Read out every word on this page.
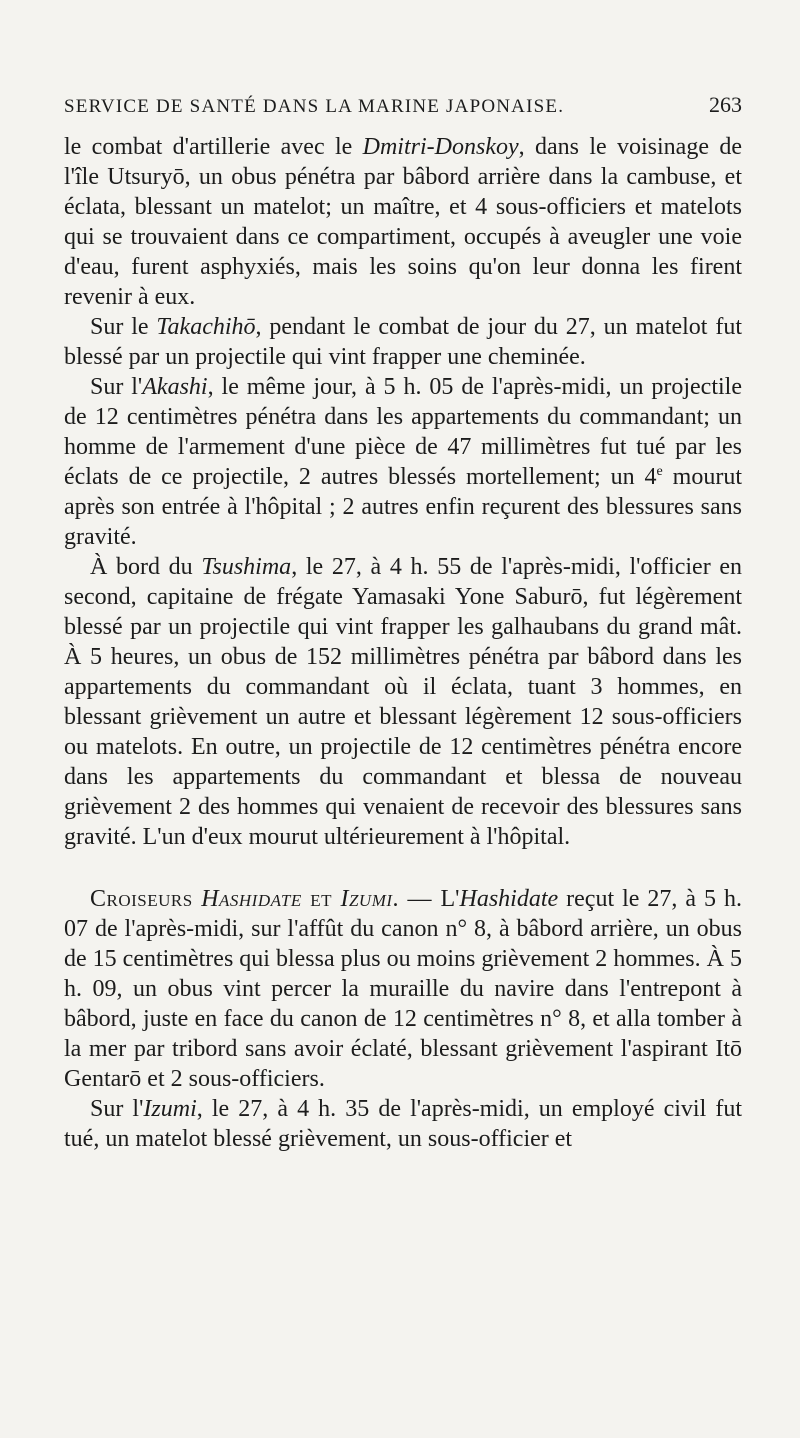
SERVICE DE SANTÉ DANS LA MARINE JAPONAISE.	263

le combat d'artillerie avec le Dmitri-Donskoy, dans le voisinage de l'île Utsuryō, un obus pénétra par bâbord arrière dans la cambuse, et éclata, blessant un matelot; un maître, et 4 sous-officiers et matelots qui se trouvaient dans ce compartiment, occupés à aveugler une voie d'eau, furent asphyxiés, mais les soins qu'on leur donna les firent revenir à eux.

Sur le Takachihō, pendant le combat de jour du 27, un matelot fut blessé par un projectile qui vint frapper une cheminée.

Sur l'Akashi, le même jour, à 5 h. 05 de l'après-midi, un projectile de 12 centimètres pénétra dans les appartements du commandant; un homme de l'armement d'une pièce de 47 millimètres fut tué par les éclats de ce projectile, 2 autres blessés mortellement; un 4e mourut après son entrée à l'hôpital ; 2 autres enfin reçurent des blessures sans gravité.

À bord du Tsushima, le 27, à 4 h. 55 de l'après-midi, l'officier en second, capitaine de frégate Yamasaki Yone Saburō, fut légèrement blessé par un projectile qui vint frapper les galhaubans du grand mât. À 5 heures, un obus de 152 millimètres pénétra par bâbord dans les appartements du commandant où il éclata, tuant 3 hommes, en blessant grièvement un autre et blessant légèrement 12 sous-officiers ou matelots. En outre, un projectile de 12 centimètres pénétra encore dans les appartements du commandant et blessa de nouveau grièvement 2 des hommes qui venaient de recevoir des blessures sans gravité. L'un d'eux mourut ultérieurement à l'hôpital.

Croiseurs Hashidate et Izumi. — L'Hashidate reçut le 27, à 5 h. 07 de l'après-midi, sur l'affût du canon n° 8, à bâbord arrière, un obus de 15 centimètres qui blessa plus ou moins grièvement 2 hommes. À 5 h. 09, un obus vint percer la muraille du navire dans l'entrepont à bâbord, juste en face du canon de 12 centimètres n° 8, et alla tomber à la mer par tribord sans avoir éclaté, blessant grièvement l'aspirant Itō Gentarō et 2 sous-officiers.

Sur l'Izumi, le 27, à 4 h. 35 de l'après-midi, un employé civil fut tué, un matelot blessé grièvement, un sous-officier et
